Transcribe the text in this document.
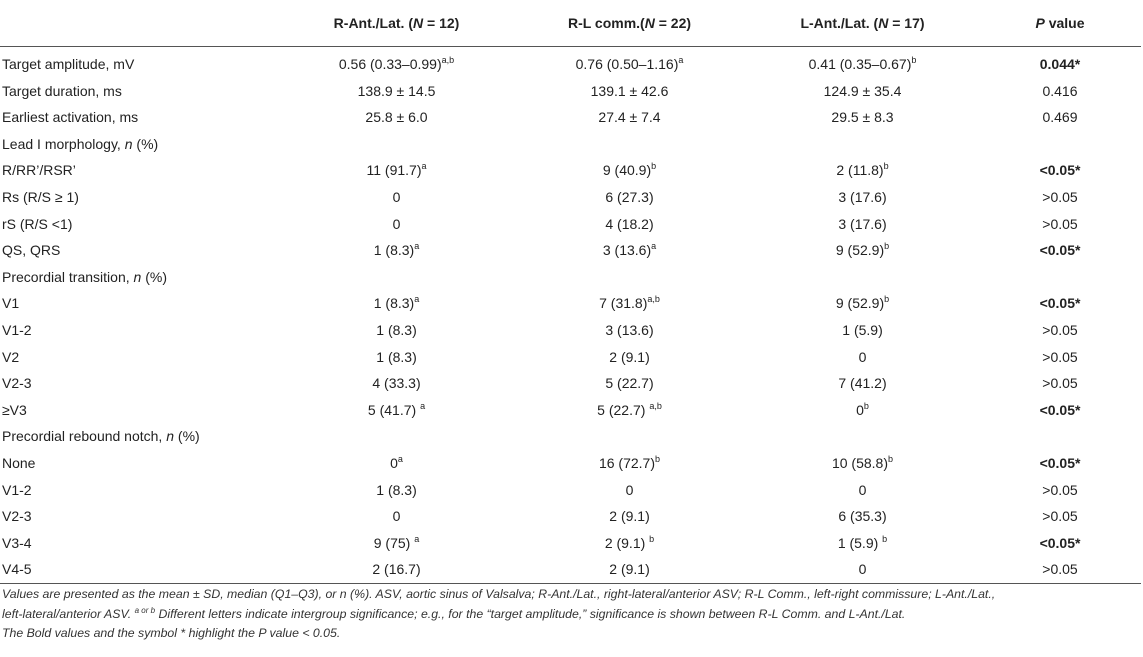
	R-Ant./Lat. (N = 12)	R-L comm.(N = 22)	L-Ant./Lat. (N = 17)	P value
Target amplitude, mV	0.56 $(0.33-0.99)^{a,b}$	0.76 $(0.50-1.16)^a$	0.41 $(0.35-0.67)^b$	0.044*
Target duration, ms	138.9 ± 14.5	139.1 ± 42.6	124.9 ± 35.4	0.416
Earliest activation, ms	25.8 ± 6.0	27.4 ± 7.4	29.5 ± 8.3	0.469
Lead I morphology, n (%)				
R/RR’/RSR’	11 $(91.7)^a$	9 $(40.9)^b$	2 $(11.8)^b$	<0.05*
Rs (R/S ≥ 1)	0	6 (27.3)	3 (17.6)	>0.05
rS (R/S <1)	0	4 (18.2)	3 (17.6)	>0.05
QS, QRS	1 $(8.3)^a$	3 $(13.6)^a$	9 $(52.9)^b$	<0.05*
Precordial transition, n (%)				
V1	1 $(8.3)^a$	7 $(31.8)^{a,b}$	9 $(52.9)^b$	<0.05*
V1-2	1 (8.3)	3 (13.6)	1 (5.9)	>0.05
V2	1 (8.3)	2 (9.1)	0	>0.05
V2-3	4 (33.3)	5 (22.7)	7 (41.2)	>0.05
≥V3	5 (41.7) $^a$	5 (22.7) $^{a,b}$	$0^b$	<0.05*
Precordial rebound notch, n (%)				
None	0$^a$	16 $(72.7)^b$	10 $(58.8)^b$	<0.05*
V1-2	1 (8.3)	0	0	>0.05
V2-3	0	2 (9.1)	6 (35.3)	>0.05
V3-4	9 (75) $^a$	2 (9.1) $^b$	1 (5.9) $^b$	<0.05*
V4-5	2 (16.7)	2 (9.1)	0	>0.05

Values are presented as the mean ± SD, median (Q1–Q3), or n (%). ASV, aortic sinus of Valsalva; R-Ant./Lat., right-lateral/anterior ASV; R-L Comm., left-right commissure; L-Ant./Lat.,

left-lateral/anterior ASV. $^{a or b}$ Different letters indicate intergroup significance; e.g., for the “target amplitude,” significance is shown between R-L Comm. and L-Ant./Lat.

The Bold values and the symbol * highlight the P value < 0.05.
